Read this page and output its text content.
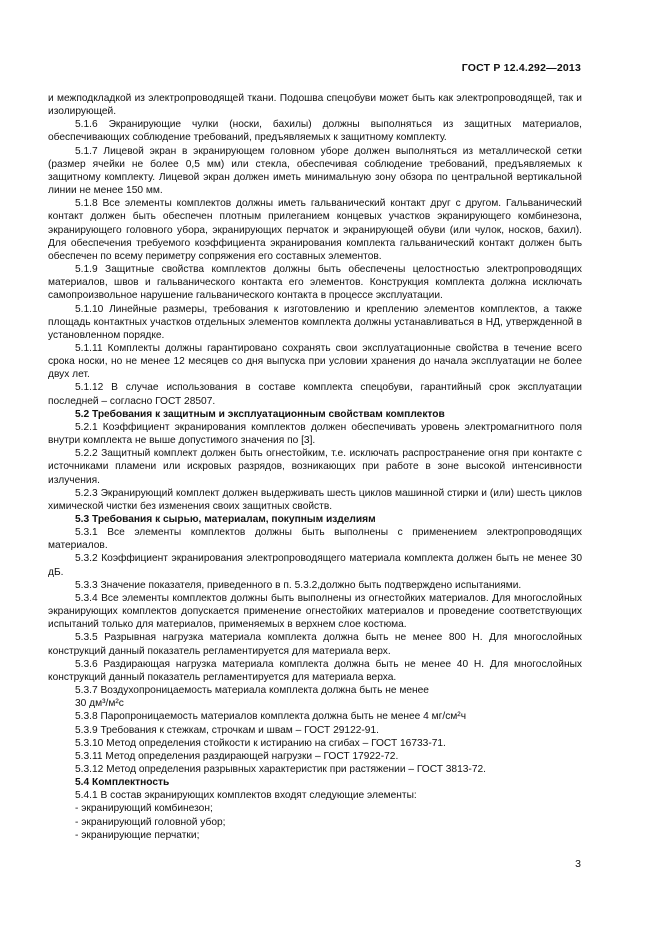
ГОСТ Р 12.4.292—2013

и межподкладкой из электропроводящей ткани. Подошва спецобуви может быть как электропроводящей, так и изолирующей.

5.1.6 Экранирующие чулки (носки, бахилы) должны выполняться из защитных материалов, обеспечивающих соблюдение требований, предъявляемых к защитному комплекту.

5.1.7 Лицевой экран в экранирующем головном уборе должен выполняться из металлической сетки (размер ячейки не более 0,5 мм) или стекла, обеспечивая соблюдение требований, предъявляемых к защитному комплекту. Лицевой экран должен иметь минимальную зону обзора по центральной вертикальной линии не менее 150 мм.

5.1.8 Все элементы комплектов должны иметь гальванический контакт друг с другом. Гальванический контакт должен быть обеспечен плотным прилеганием концевых участков экранирующего комбинезона, экранирующего головного убора, экранирующих перчаток и экранирующей обуви (или чулок, носков, бахил). Для обеспечения требуемого коэффициента экранирования комплекта гальванический контакт должен быть обеспечен по всему периметру сопряжения его составных элементов.

5.1.9 Защитные свойства комплектов должны быть обеспечены целостностью электропроводящих материалов, швов и гальванического контакта его элементов. Конструкция комплекта должна исключать самопроизвольное нарушение гальванического контакта в процессе эксплуатации.

5.1.10 Линейные размеры, требования к изготовлению и креплению элементов комплектов, а также площадь контактных участков отдельных элементов комплекта должны устанавливаться в НД, утвержденной в установленном порядке.

5.1.11 Комплекты должны гарантировано сохранять свои эксплуатационные свойства в течение всего срока носки, но не менее 12 месяцев со дня выпуска при условии хранения до начала эксплуатации не более двух лет.

5.1.12 В случае использования в составе комплекта спецобуви, гарантийный срок эксплуатации последней – согласно ГОСТ 28507.

5.2 Требования к защитным и эксплуатационным свойствам комплектов

5.2.1 Коэффициент экранирования комплектов должен обеспечивать уровень электромагнитного поля внутри комплекта не выше допустимого значения по [3].

5.2.2 Защитный комплект должен быть огнестойким, т.е. исключать распространение огня при контакте с источниками пламени или искровых разрядов, возникающих при работе в зоне высокой интенсивности излучения.

5.2.3 Экранирующий комплект должен выдерживать шесть циклов машинной стирки и (или) шесть циклов химической чистки без изменения своих защитных свойств.

5.3 Требования к сырью, материалам, покупным изделиям

5.3.1 Все элементы комплектов должны быть выполнены с применением электропроводящих материалов.

5.3.2 Коэффициент экранирования электропроводящего материала комплекта должен быть не менее 30 дБ.

5.3.3 Значение показателя, приведенного в п. 5.3.2,должно быть подтверждено испытаниями.

5.3.4 Все элементы комплектов должны быть выполнены из огнестойких материалов. Для многослойных экранирующих комплектов допускается применение огнестойких материалов и проведение соответствующих испытаний только для материалов, применяемых в верхнем слое костюма.

5.3.5 Разрывная нагрузка материала комплекта должна быть не менее 800 Н. Для многослойных конструкций данный показатель регламентируется для материала верх.

5.3.6 Раздирающая нагрузка материала комплекта должна быть не менее 40 Н. Для многослойных конструкций данный показатель регламентируется для материала верха.

5.3.7 Воздухопроницаемость материала комплекта должна быть не менее

30 дм³/м²с

5.3.8 Паропроницаемость материалов комплекта должна быть не менее 4 мг/см²ч

5.3.9 Требования к стежкам, строчкам и швам – ГОСТ 29122-91.

5.3.10 Метод определения стойкости к истиранию на сгибах – ГОСТ 16733-71.

5.3.11 Метод определения раздирающей нагрузки – ГОСТ 17922-72.

5.3.12 Метод определения разрывных характеристик при растяжении – ГОСТ 3813-72.

5.4 Комплектность

5.4.1 В состав экранирующих комплектов входят следующие элементы:

- экранирующий комбинезон;

- экранирующий головной убор;

- экранирующие перчатки;

3
